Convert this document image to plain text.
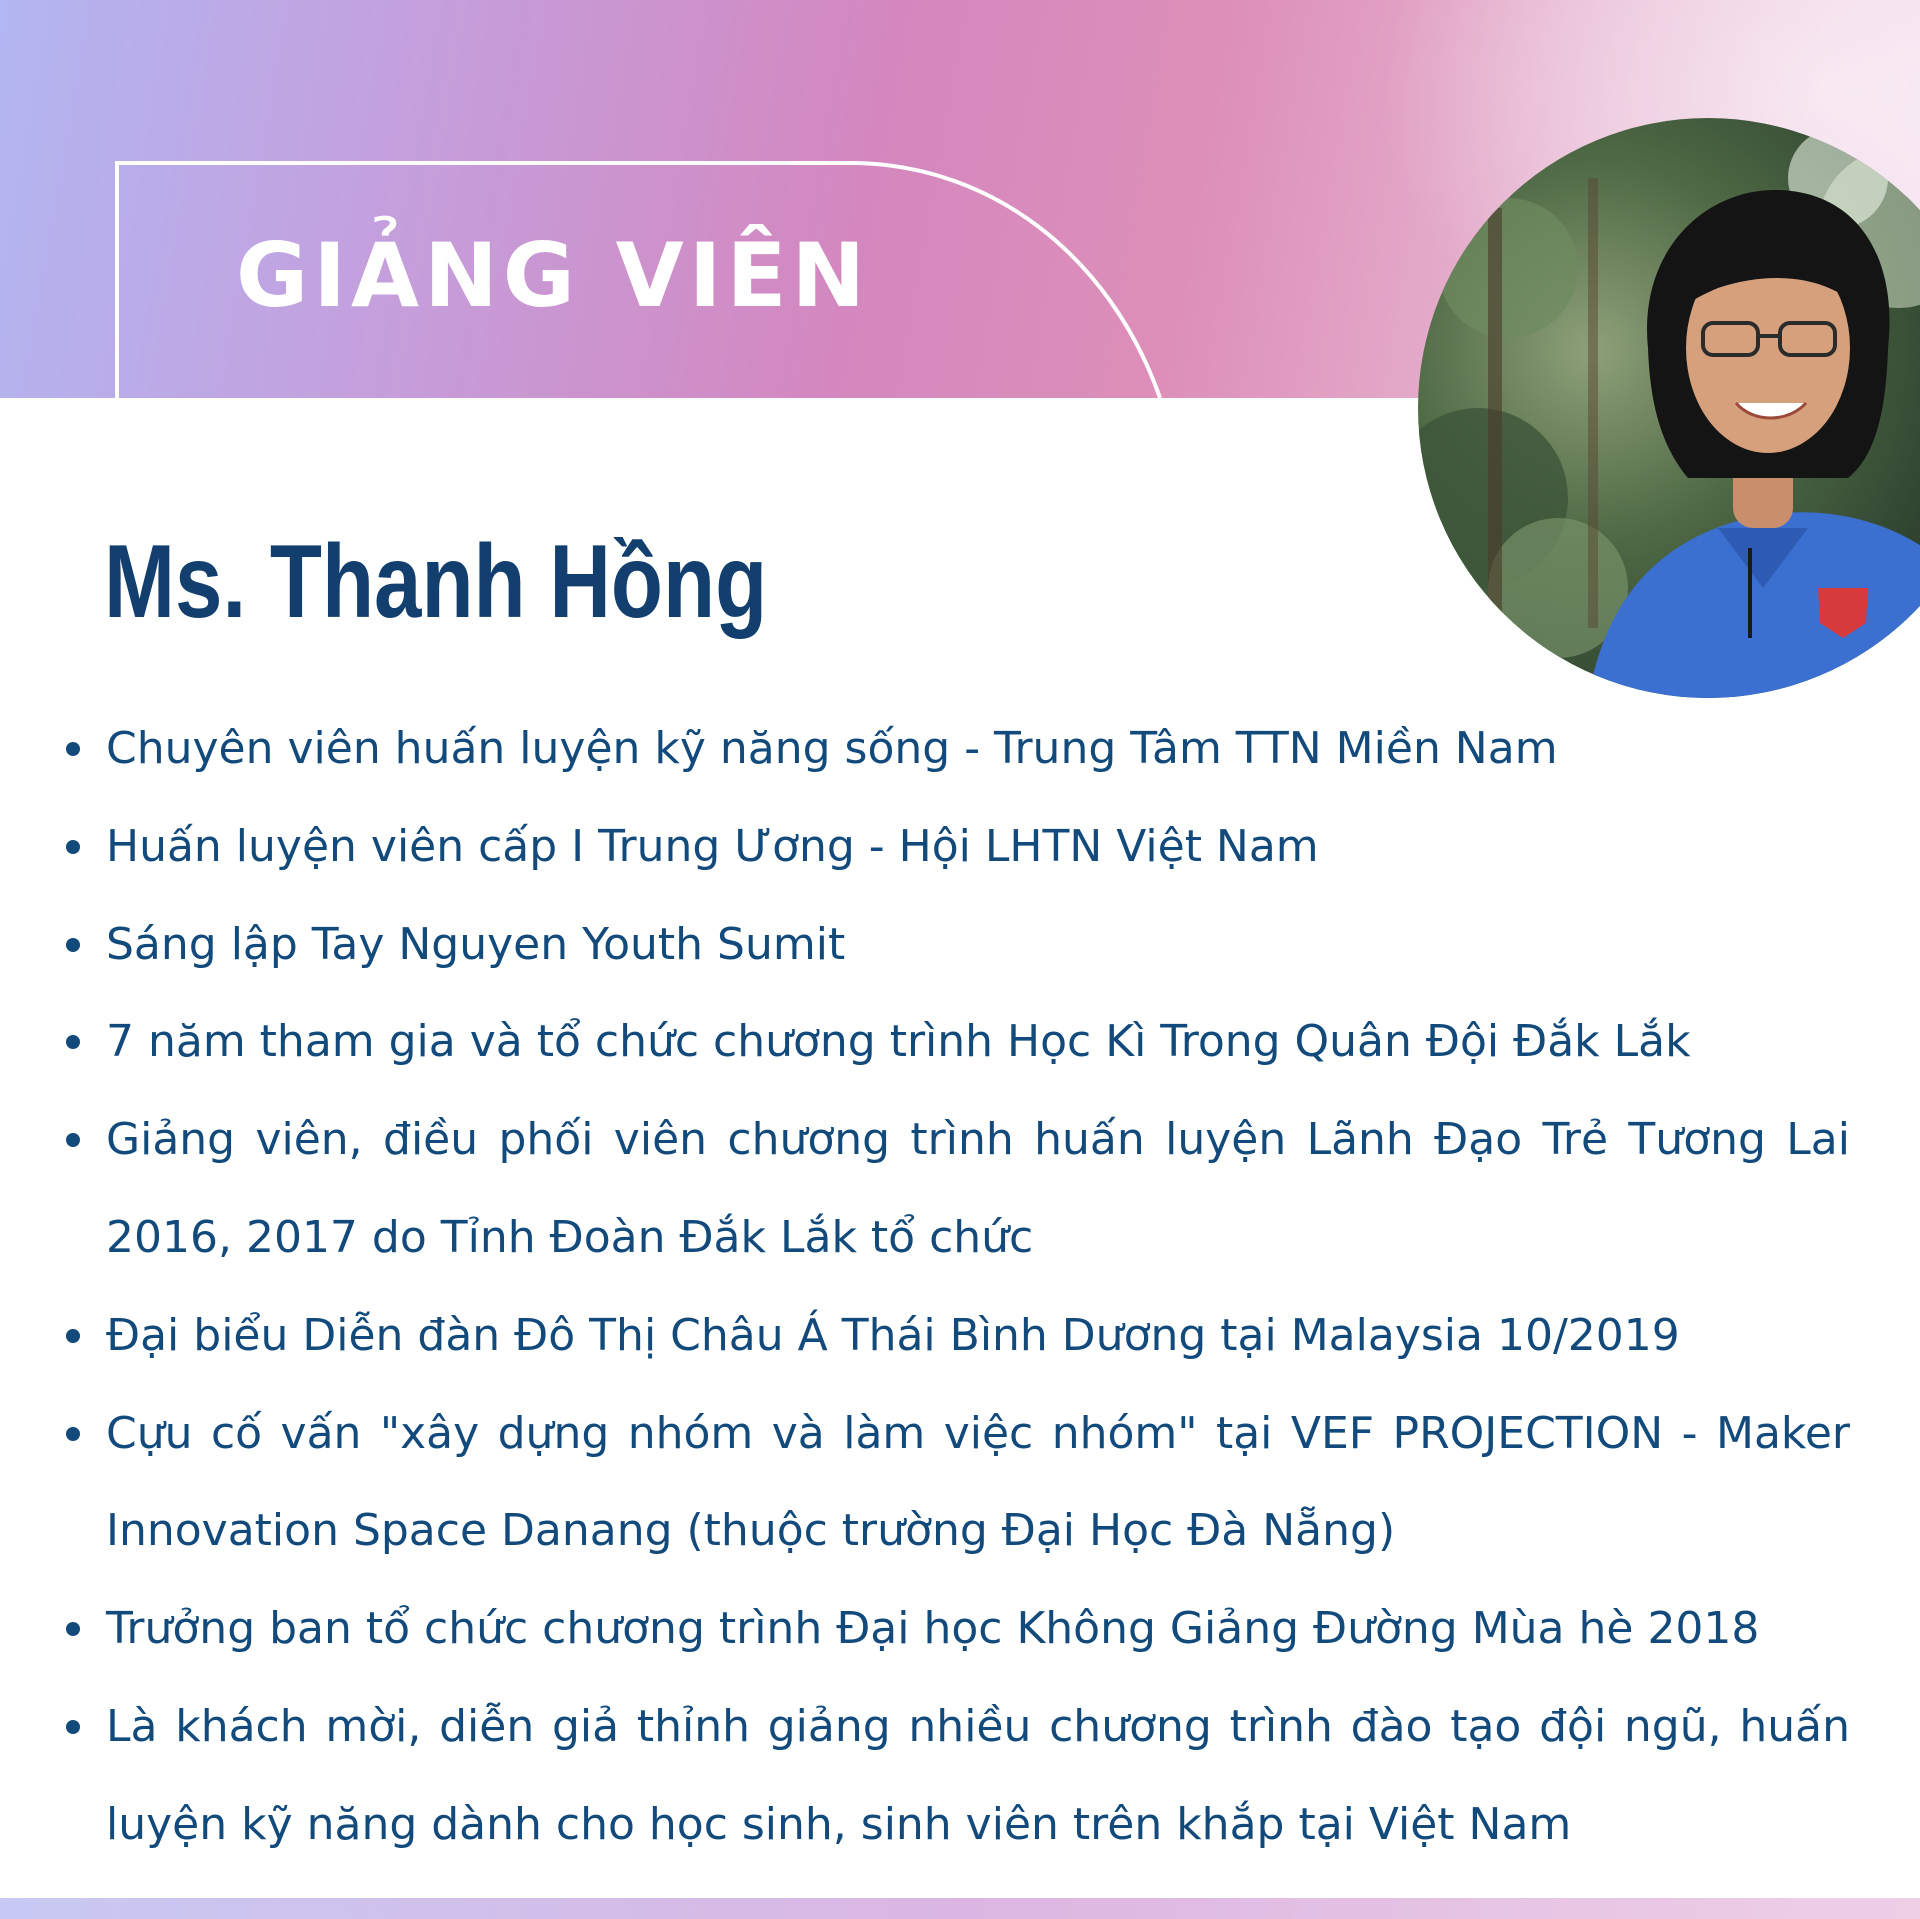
GIẢNG VIÊN
Ms. Thanh Hồng
Chuyên viên huấn luyện kỹ năng sống - Trung Tâm TTN Miền Nam
Huấn luyện viên cấp I Trung Ương - Hội LHTN Việt Nam
Sáng lập Tay Nguyen Youth Sumit
7 năm tham gia và tổ chức chương trình Học Kì Trong Quân Đội Đắk Lắk
Giảng viên, điều phối viên chương trình huấn luyện Lãnh Đạo Trẻ Tương Lai 2016, 2017 do Tỉnh Đoàn Đắk Lắk tổ chức
Đại biểu Diễn đàn Đô Thị Châu Á Thái Bình Dương tại Malaysia 10/2019
Cựu cố vấn "xây dựng nhóm và làm việc nhóm" tại VEF PROJECTION - Maker Innovation Space Danang (thuộc trường Đại Học Đà Nẵng)
Trưởng ban tổ chức chương trình Đại học Không Giảng Đường Mùa hè 2018
Là khách mời, diễn giả thỉnh giảng nhiều chương trình đào tạo đội ngũ, huấn luyện kỹ năng dành cho học sinh, sinh viên trên khắp tại Việt Nam
